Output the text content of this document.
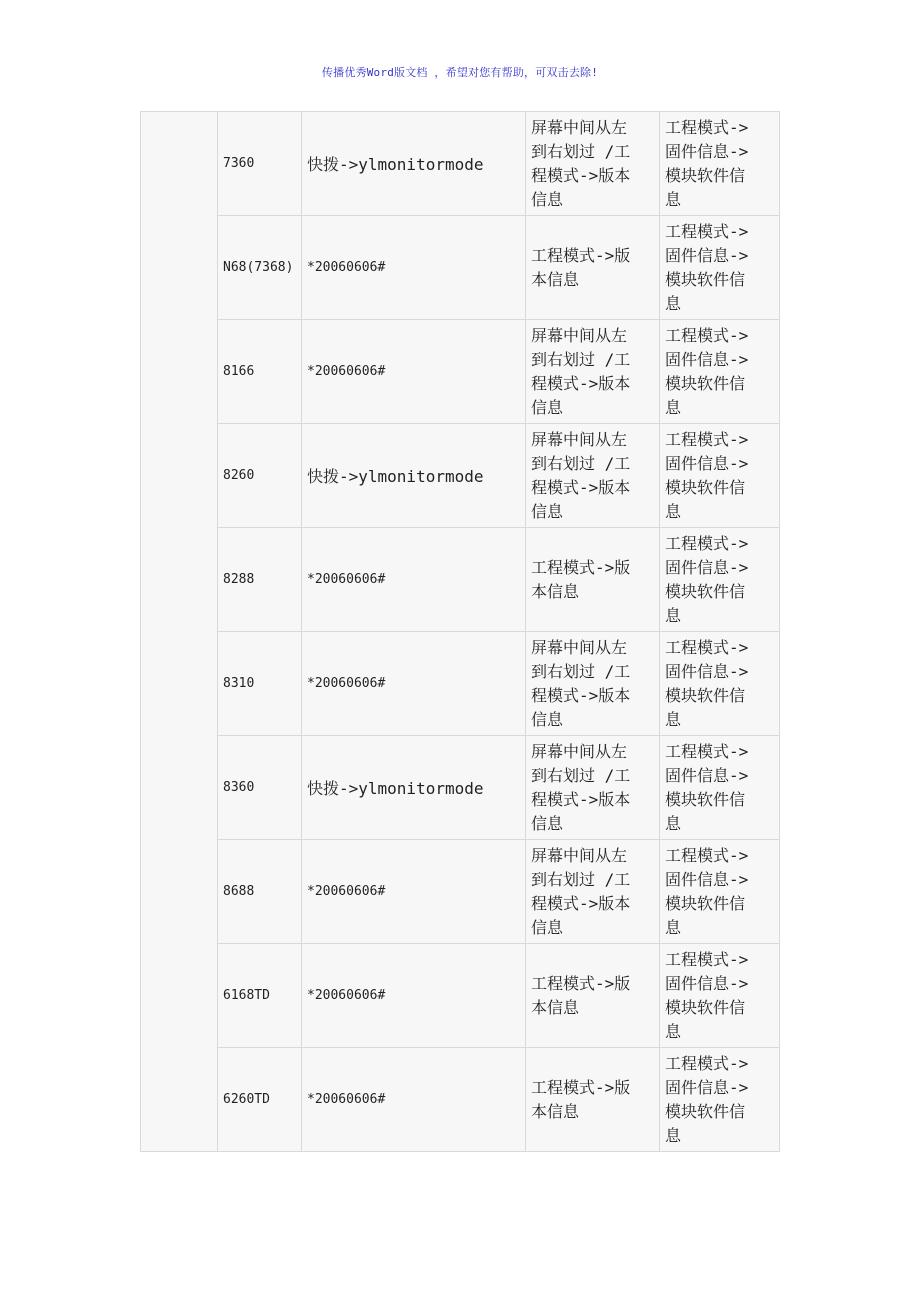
传播优秀Word版文档 ，希望对您有帮助，可双击去除!
	7360	快拨->ylmonitormode	屏幕中间从左
到右划过 /工
程模式->版本
信息	工程模式->
固件信息->
模块软件信
息
	N68(7368)	*20060606#	工程模式->版
本信息	工程模式->
固件信息->
模块软件信
息
	8166	*20060606#	屏幕中间从左
到右划过 /工
程模式->版本
信息	工程模式->
固件信息->
模块软件信
息
	8260	快拨->ylmonitormode	屏幕中间从左
到右划过 /工
程模式->版本
信息	工程模式->
固件信息->
模块软件信
息
	8288	*20060606#	工程模式->版
本信息	工程模式->
固件信息->
模块软件信
息
	8310	*20060606#	屏幕中间从左
到右划过 /工
程模式->版本
信息	工程模式->
固件信息->
模块软件信
息
	8360	快拨->ylmonitormode	屏幕中间从左
到右划过 /工
程模式->版本
信息	工程模式->
固件信息->
模块软件信
息
	8688	*20060606#	屏幕中间从左
到右划过 /工
程模式->版本
信息	工程模式->
固件信息->
模块软件信
息
	6168TD	*20060606#	工程模式->版
本信息	工程模式->
固件信息->
模块软件信
息
	6260TD	*20060606#	工程模式->版
本信息	工程模式->
固件信息->
模块软件信
息
